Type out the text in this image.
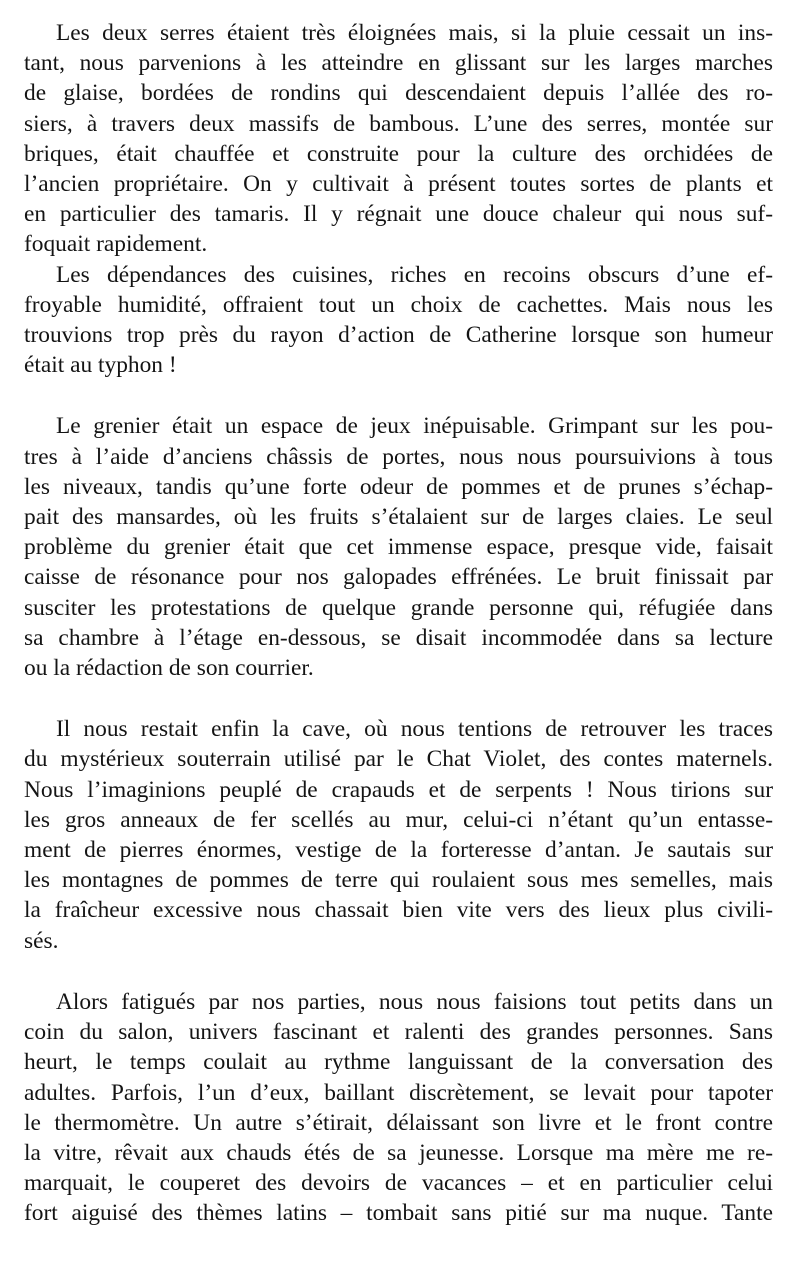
Les deux serres étaient très éloignées mais, si la pluie cessait un ins-
tant, nous parvenions à les atteindre en glissant sur les larges marches
de glaise, bordées de rondins qui descendaient depuis l’allée des ro-
siers, à travers deux massifs de bambous. L’une des serres, montée sur
briques, était chauffée et construite pour la culture des orchidées de
l’ancien propriétaire. On y cultivait à présent toutes sortes de plants et
en particulier des tamaris. Il y régnait une douce chaleur qui nous suf-
foquait rapidement.
Les dépendances des cuisines, riches en recoins obscurs d’une ef-
froyable humidité, offraient tout un choix de cachettes. Mais nous les
trouvions trop près du rayon d’action de Catherine lorsque son humeur
était au typhon !
Le grenier était un espace de jeux inépuisable. Grimpant sur les pou-
tres à l’aide d’anciens châssis de portes, nous nous poursuivions à tous
les niveaux, tandis qu’une forte odeur de pommes et de prunes s’échap-
pait des mansardes, où les fruits s’étalaient sur de larges claies. Le seul
problème du grenier était que cet immense espace, presque vide, faisait
caisse de résonance pour nos galopades effrénées. Le bruit finissait par
susciter les protestations de quelque grande personne qui, réfugiée dans
sa chambre à l’étage en-dessous, se disait incommodée dans sa lecture
ou la rédaction de son courrier.
Il nous restait enfin la cave, où nous tentions de retrouver les traces
du mystérieux souterrain utilisé par le Chat Violet, des contes maternels.
Nous l’imaginions peuplé de crapauds et de serpents ! Nous tirions sur
les gros anneaux de fer scellés au mur, celui-ci n’étant qu’un entasse-
ment de pierres énormes, vestige de la forteresse d’antan. Je sautais sur
les montagnes de pommes de terre qui roulaient sous mes semelles, mais
la fraîcheur excessive nous chassait bien vite vers des lieux plus civili-
sés.
Alors fatigués par nos parties, nous nous faisions tout petits dans un
coin du salon, univers fascinant et ralenti des grandes personnes. Sans
heurt, le temps coulait au rythme languissant de la conversation des
adultes. Parfois, l’un d’eux, baillant discrètement, se levait pour tapoter
le thermomètre. Un autre s’étirait, délaissant son livre et le front contre
la vitre, rêvait aux chauds étés de sa jeunesse. Lorsque ma mère me re-
marquait, le couperet des devoirs de vacances – et en particulier celui
fort aiguisé des thèmes latins – tombait sans pitié sur ma nuque. Tante
